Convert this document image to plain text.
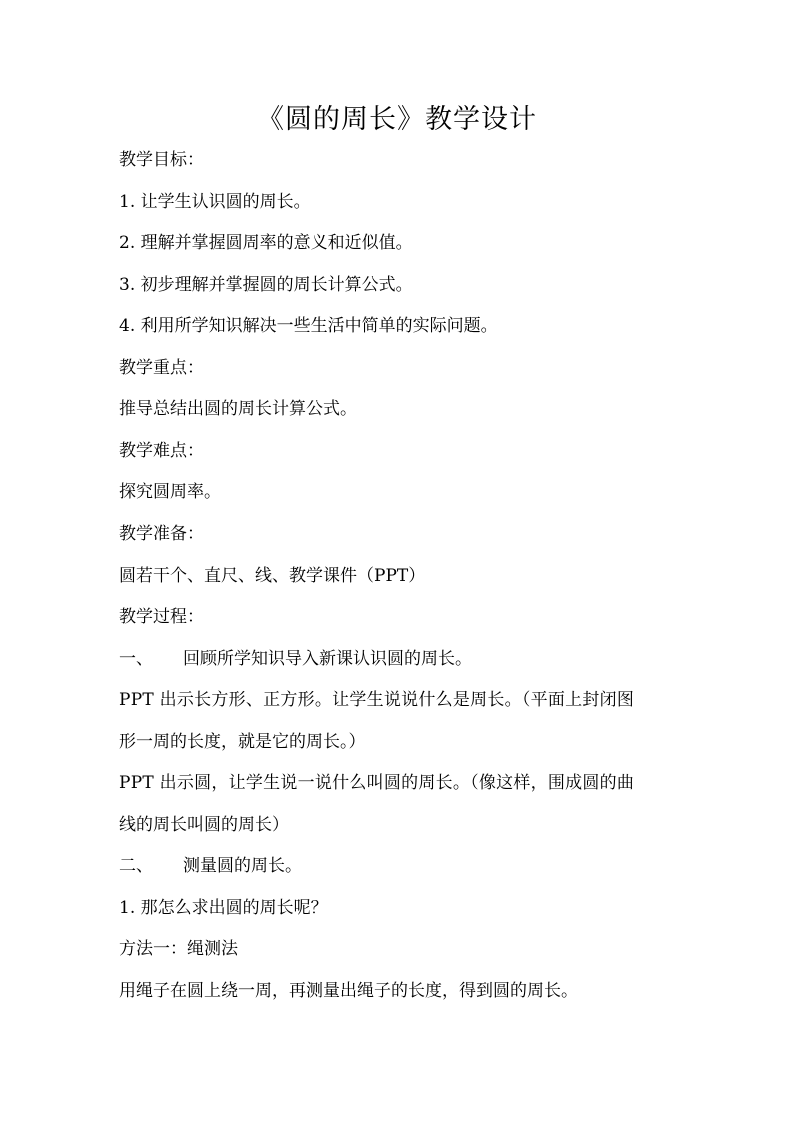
《圆的周长》教学设计
教学目标：
1. 让学生认识圆的周长。
2. 理解并掌握圆周率的意义和近似值。
3. 初步理解并掌握圆的周长计算公式。
4. 利用所学知识解决一些生活中简单的实际问题。
教学重点：
推导总结出圆的周长计算公式。
教学难点：
探究圆周率。
教学准备：
圆若干个、直尺、线、教学课件（PPT）
教学过程：
一、 回顾所学知识导入新课认识圆的周长。
PPT 出示长方形、正方形。让学生说说什么是周长。（平面上封闭图
形一周的长度，就是它的周长。）
PPT 出示圆，让学生说一说什么叫圆的周长。（像这样，围成圆的曲
线的周长叫圆的周长）
二、 测量圆的周长。
1. 那怎么求出圆的周长呢？
方法一：绳测法
用绳子在圆上绕一周，再测量出绳子的长度，得到圆的周长。
